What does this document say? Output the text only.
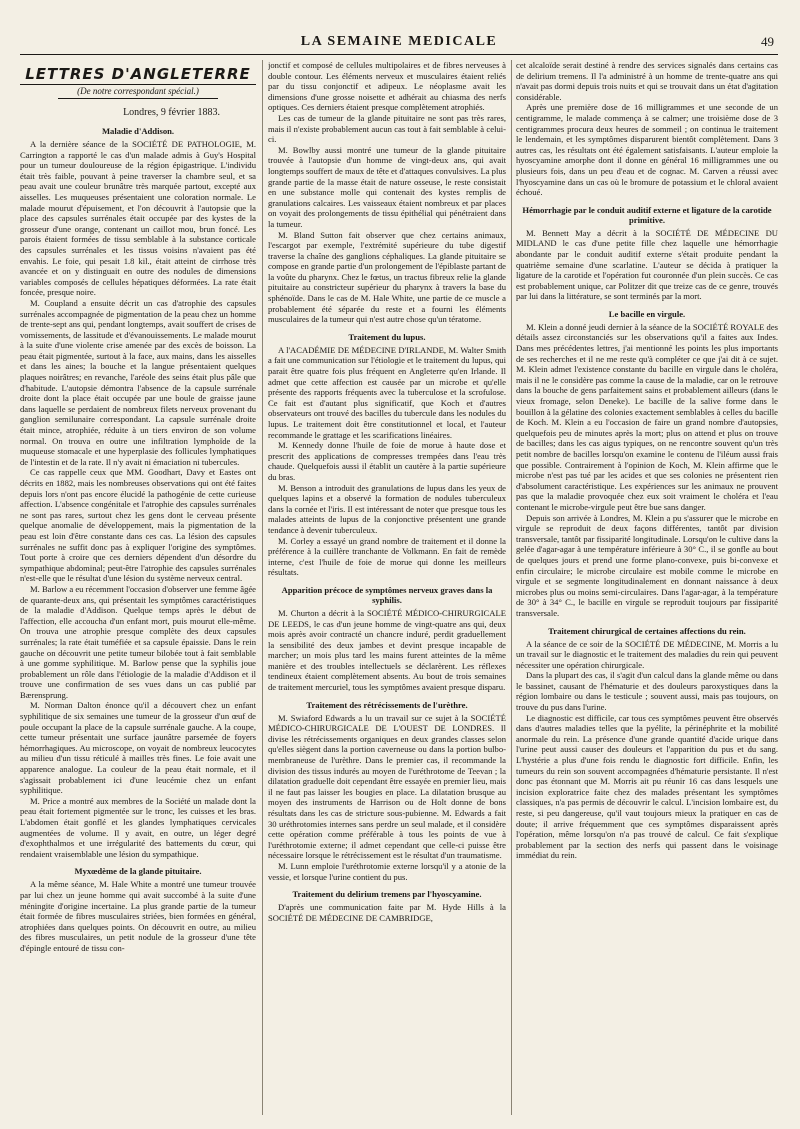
LA SEMAINE MEDICALE	49
LETTRES D'ANGLETERRE
(De notre correspondant spécial.)
Londres, 9 février 1883.
Maladie d'Addison.

A la dernière séance de la SOCIÉTÉ DE PATHOLOGIE, M. Carrington a rapporté le cas d'un malade admis à Guy's Hospital pour un tumeur douloureuse de la région épigastrique. L'individu était très faible, pouvant à peine traverser la chambre seul, et sa peau avait une couleur brunâtre très marquée partout, excepté aux aisselles. Les muqueuses présentaient une coloration normale. Le malade mourut d'épuisement, et l'on découvrit à l'autopsie que la place des capsules surrénales était occupée par des kystes de la grosseur d'une orange, contenant un caillot mou, brun foncé. Les parois étaient formées de tissu semblable à la substance corticale des capsules surrénales et les tissus voisins n'avaient pas été envahis. Le foie, qui pesait 1.8 kil., était atteint de cirrhose très avancée et on y distinguait en outre des nodules de dimensions variables composés de cellules hépatiques déformées. La rate était foncée, presque noire.

M. Coupland a ensuite décrit un cas d'atrophie des capsules surrénales accompagnée de pigmentation de la peau chez un homme de trente-sept ans qui, pendant longtemps, avait souffert de crises de vomissements, de lassitude et d'évanouissements. Le malade mourut à la suite d'une violente crise amenée par des excès de boisson. La peau était pigmentée, surtout à la face, aux mains, dans les aisselles et dans les aines; la bouche et la langue présentaient quelques plaques noirâtres; en revanche, l'aréole des seins était plus pâle que d'habitude. L'autopsie démontra l'absence de la capsule surrénale droite dont la place était occupée par une boule de graisse jaune dans laquelle se perdaient de nombreux filets nerveux provenant du ganglion semilunaire correspondant. La capsule surrénale droite était mince, atrophiée, réduite à un tiers environ de son volume normal. On trouva en outre une infiltration lymphoïde de la muqueuse stomacale et une hyperplasie des follicules lymphatiques de l'intestin et de la rate. Il n'y avait ni émaciation ni tubercules.

Ce cas rappelle ceux que MM. Goodhart, Davy et Eastes ont décrits en 1882, mais les nombreuses observations qui ont été faites depuis lors n'ont pas encore élucidé la pathogénie de cette curieuse affection. L'absence congénitale et l'atrophie des capsules surrénales ne sont pas rares, surtout chez les gens dont le cerveau présente quelque anomalie de développement, mais la pigmentation de la peau est loin d'être constante dans ces cas. La lésion des capsules surrénales ne suffit donc pas à expliquer l'origine des symptômes. Tout porte à croire que ces derniers dépendent d'un désordre du sympathique abdominal; peut-être l'atrophie des capsules surrénales n'est-elle que le résultat d'une lésion du système nerveux central.

M. Barlow a eu récemment l'occasion d'observer une femme âgée de quarante-deux ans, qui présentait les symptômes caractéristiques de la maladie d'Addison. Quelque temps après le début de l'affection, elle accoucha d'un enfant mort, puis mourut elle-même. On trouva une atrophie presque complète des deux capsules surrénales; la rate était tuméfiée et sa capsule épaissie. Dans le rein gauche on découvrit une petite tumeur bilobée tout à fait semblable à une gomme syphilitique. M. Barlow pense que la syphilis joue probablement un rôle dans l'étiologie de la maladie d'Addison et il trouve une confirmation de ses vues dans un cas publié par Bærensprung.

M. Norman Dalton énonce qu'il a découvert chez un enfant syphilitique de six semaines une tumeur de la grosseur d'un œuf de poule occupant la place de la capsule surrénale gauche. A la coupe, cette tumeur présentait une surface jaunâtre parsemée de foyers hémorrhagiques. Au microscope, on voyait de nombreux leucocytes au milieu d'un tissu réticulé à mailles très fines. Le foie avait une apparence analogue. La couleur de la peau était normale, et il s'agissait probablement ici d'une leucémie chez un enfant syphilitique.

M. Price a montré aux membres de la Société un malade dont la peau était fortement pigmentée sur le tronc, les cuisses et les bras. L'abdomen était gonflé et les glandes lymphatiques cervicales augmentées de volume. Il y avait, en outre, un léger degré d'exophthalmos et une irrégularité des battements du cœur, qui rendaient vraisemblable une lésion du sympathique.

Myxœdème de la glande pituitaire.

A la même séance, M. Hale White a montré une tumeur trouvée par lui chez un jeune homme qui avait succombé à la suite d'une méningite d'origine incertaine. La plus grande partie de la tumeur était formée de fibres musculaires striées, bien formées en général, atrophiées dans quelques points. On découvrit en outre, au milieu des fibres musculaires, un petit nodule de la grosseur d'une tête d'épingle entouré de tissu con-

jonctif et composé de cellules multipolaires et de fibres nerveuses à double contour. Les éléments nerveux et musculaires étaient reliés par du tissu conjonctif et adipeux. Le néoplasme avait les dimensions d'une grosse noisette et adhérait au chiasma des nerfs optiques. Ces derniers étaient presque complètement atrophiés.

Les cas de tumeur de la glande pituitaire ne sont pas très rares, mais il n'existe probablement aucun cas tout à fait semblable à celui-ci.

M. Bowlby aussi montré une tumeur de la glande pituitaire trouvée à l'autopsie d'un homme de vingt-deux ans, qui avait longtemps souffert de maux de tête et d'attaques convulsives. La plus grande partie de la masse était de nature osseuse, le reste consistait en une substance molle qui contenait des kystes remplis de granulations calcaires. Les vaisseaux étaient nombreux et par places on voyait des prolongements de tissu épithélial qui pénétraient dans la tumeur.

M. Bland Sutton fait observer que chez certains animaux, l'escargot par exemple, l'extrémité supérieure du tube digestif traverse la chaîne des ganglions céphaliques. La glande pituitaire se compose en grande partie d'un prolongement de l'épiblaste partant de la voûte du pharynx. Chez le fœtus, un tractus fibreux relie la glande pituitaire au constricteur supérieur du pharynx à travers la base du sphénoïde. Dans le cas de M. Hale White, une partie de ce muscle a probablement été séparée du reste et a fourni les éléments musculaires de la tumeur qui n'est autre chose qu'un tératome.

Traitement du lupus.

A l'ACADÉMIE DE MÉDECINE D'IRLANDE, M. Walter Smith a fait une communication sur l'étiologie et le traitement du lupus, qui parait être quatre fois plus fréquent en Angleterre qu'en Irlande. Il admet que cette affection est causée par un microbe et qu'elle présente des rapports fréquents avec la tuberculose et la scrofulose. Ce fait est d'autant plus significatif, que Koch et d'autres observateurs ont trouvé des bacilles du tubercule dans les nodules du lupus. Le traitement doit être constitutionnel et local, et l'auteur recommande le grattage et les scarifications linéaires.

M. Kennedy donne l'huile de foie de morue à haute dose et prescrit des applications de compresses trempées dans l'eau très chaude. Quelquefois aussi il établit un cautère à la partie supérieure du bras.

M. Benson a introduit des granulations de lupus dans les yeux de quelques lapins et a observé la formation de nodules tuberculeux dans la cornée et l'iris. Il est intéressant de noter que presque tous les malades atteints de lupus de la conjonctive présentent une grande tendance à devenir tuberculeux.

M. Corley a essayé un grand nombre de traitement et il donne la préférence à la cuillère tranchante de Volkmann. En fait de remède interne, c'est l'huile de foie de morue qui donne les meilleurs résultats.

Apparition précoce de symptômes nerveux graves dans la syphilis.

M. Churton a décrit à la SOCIÉTÉ MÉDICO-CHIRURGICALE DE LEEDS, le cas d'un jeune homme de vingt-quatre ans qui, deux mois après avoir contracté un chancre induré, perdit graduellement la sensibilité des deux jambes et devint presque incapable de marcher; un mois plus tard les mains furent atteintes de la même manière et des troubles intellectuels se déclarèrent. Les réflexes tendineux étaient complètement absents. Au bout de trois semaines de traitement mercuriel, tous les symptômes avaient presque disparu.

Traitement des rétrécissements de l'urèthre.

M. Swiaford Edwards a lu un travail sur ce sujet à la SOCIÉTÉ MÉDICO-CHIRURGICALE DE L'OUEST DE LONDRES. Il divise les rétrécissements organiques en deux grandes classes selon qu'elles siègent dans la portion caverneuse ou dans la portion bulbo-membraneuse de l'urèthre. Dans le premier cas, il recommande la division des tissus indurés au moyen de l'uréthrotome de Teevan ; la dilatation graduelle doit cependant être essayée en premier lieu, mais il ne faut pas laisser les bougies en place. La dilatation brusque au moyen des instruments de Harrison ou de Holt donne de bons résultats dans les cas de stricture sous-pubienne. M. Edwards a fait 30 uréthrotomies internes sans perdre un seul malade, et il considère cette opération comme préférable à tous les points de vue à l'uréthrotomie externe; il admet cependant que celle-ci puisse être nécessaire lorsque le rétrécissement est le résultat d'un traumatisme.

M. Lunn emploie l'uréthrotomie externe lorsqu'il y a atonie de la vessie, et lorsque l'urine contient du pus.

Traitement du delirium tremens par l'hyoscyamine.

D'après une communication faite par M. Hyde Hills à la SOCIÉTÉ DE MÉDECINE DE CAMBRIDGE,

cet alcaloïde serait destiné à rendre des services signalés dans certains cas de delirium tremens. Il l'a administré à un homme de trente-quatre ans qui n'avait pas dormi depuis trois nuits et qui se trouvait dans un état d'agitation considérable.

Après une première dose de 16 milligrammes et une seconde de un centigramme, le malade commença à se calmer; une troisième dose de 3 centigrammes procura deux heures de sommeil ; on continua le traitement le lendemain, et les symptômes disparurent bientôt complètement. Dans 3 autres cas, les résultats ont été également satisfaisants. L'auteur emploie la hyoscyamine amorphe dont il donne en général 16 milligrammes une ou plusieurs fois, dans un peu d'eau et de cognac. M. Carven a réussi avec l'hyoscyamine dans un cas où le bromure de potassium et le chloral avaient échoué.

Hémorrhagie par le conduit auditif externe et ligature de la carotide primitive.

M. Bennett May a décrit à la SOCIÉTÉ DE MÉDECINE DU MIDLAND le cas d'une petite fille chez laquelle une hémorrhagie abondante par le conduit auditif externe s'était produite pendant la quatrième semaine d'une scarlatine. L'auteur se décida à pratiquer la ligature de la carotide et l'opération fut couronnée d'un plein succès. Ce cas est probablement unique, car Politzer dit que treize cas de ce genre, trouvés par lui dans la littérature, se sont terminés par la mort.

Le bacille en virgule.

M. Klein a donné jeudi dernier à la séance de la SOCIÉTÉ ROYALE des détails assez circonstanciés sur les observations qu'il a faites aux Indes. Dans mes précédentes lettres, j'ai mentionné les points les plus importants de ses recherches et il ne me reste qu'à compléter ce que j'ai dit à ce sujet. M. Klein admet l'existence constante du bacille en virgule dans le choléra, mais il ne le considère pas comme la cause de la maladie, car on le retrouve dans la bouche de gens parfaitement sains et probablement ailleurs (dans le vieux fromage, selon Deneke). Le bacille de la salive forme dans le bouillon à la gélatine des colonies exactement semblables à celles du bacille de Koch. M. Klein a eu l'occasion de faire un grand nombre d'autopsies, quelquefois peu de minutes après la mort; plus on attend et plus on trouve de bacilles; dans les cas aigus typiques, on ne rencontre souvent qu'un très petit nombre de bacilles lorsqu'on examine le contenu de l'iléum aussi frais que possible. Contrairement à l'opinion de Koch, M. Klein affirme que le microbe n'est pas tué par les acides et que ses colonies ne présentent rien d'absolument caractéristique. Les expériences sur les animaux ne prouvent pas que la maladie provoquée chez eux soit vraiment le choléra et l'eau contenant le microbe-virgule peut être bue sans danger.

Depuis son arrivée à Londres, M. Klein a pu s'assurer que le microbe en virgule se reproduit de deux façons différentes, tantôt par division transversale, tantôt par fissiparité longitudinale. Lorsqu'on le cultive dans la gelée d'agar-agar à une température inférieure à 30° C., il se gonfle au bout de quelques jours et prend une forme plano-convexe, puis bi-convexe et enfin circulaire; le microbe circulaire est mobile comme le microbe en virgule et se segmente longitudinalement en donnant naissance à deux microbes plus ou moins semi-circulaires. Dans l'agar-agar, à la température de 30° à 34° C., le bacille en virgule se reproduit toujours par fissiparité transversale.

Traitement chirurgical de certaines affections du rein.

A la séance de ce soir de la SOCIÉTÉ DE MÉDECINE, M. Morris a lu un travail sur le diagnostic et le traitement des maladies du rein qui peuvent nécessiter une opération chirurgicale.

Dans la plupart des cas, il s'agit d'un calcul dans la glande même ou dans le bassinet, causant de l'hématurie et des douleurs paroxystiques dans la région lombaire ou dans le testicule ; souvent aussi, mais pas toujours, on trouve du pus dans l'urine.

Le diagnostic est difficile, car tous ces symptômes peuvent être observés dans d'autres maladies telles que la pyélite, la périnéphrite et la mobilité anormale du rein. La présence d'une grande quantité d'acide urique dans l'urine peut aussi causer des douleurs et l'apparition du pus et du sang. L'hystérie a plus d'une fois rendu le diagnostic fort difficile. Enfin, les tumeurs du rein son souvent accompagnées d'hématurie persistante. Il n'est donc pas étonnant que M. Morris ait pu réunir 16 cas dans lesquels une incision exploratrice faite chez des malades présentant les symptômes classiques, n'a pas permis de découvrir le calcul. L'incision lombaire est, du reste, si peu dangereuse, qu'il vaut toujours mieux la pratiquer en cas de doute; il arrive fréquemment que ces symptômes disparaissent après l'opération, même lorsqu'on n'a pas trouvé de calcul. Ce fait s'explique probablement par la section des nerfs qui passent dans le voisinage immédiat du rein.
